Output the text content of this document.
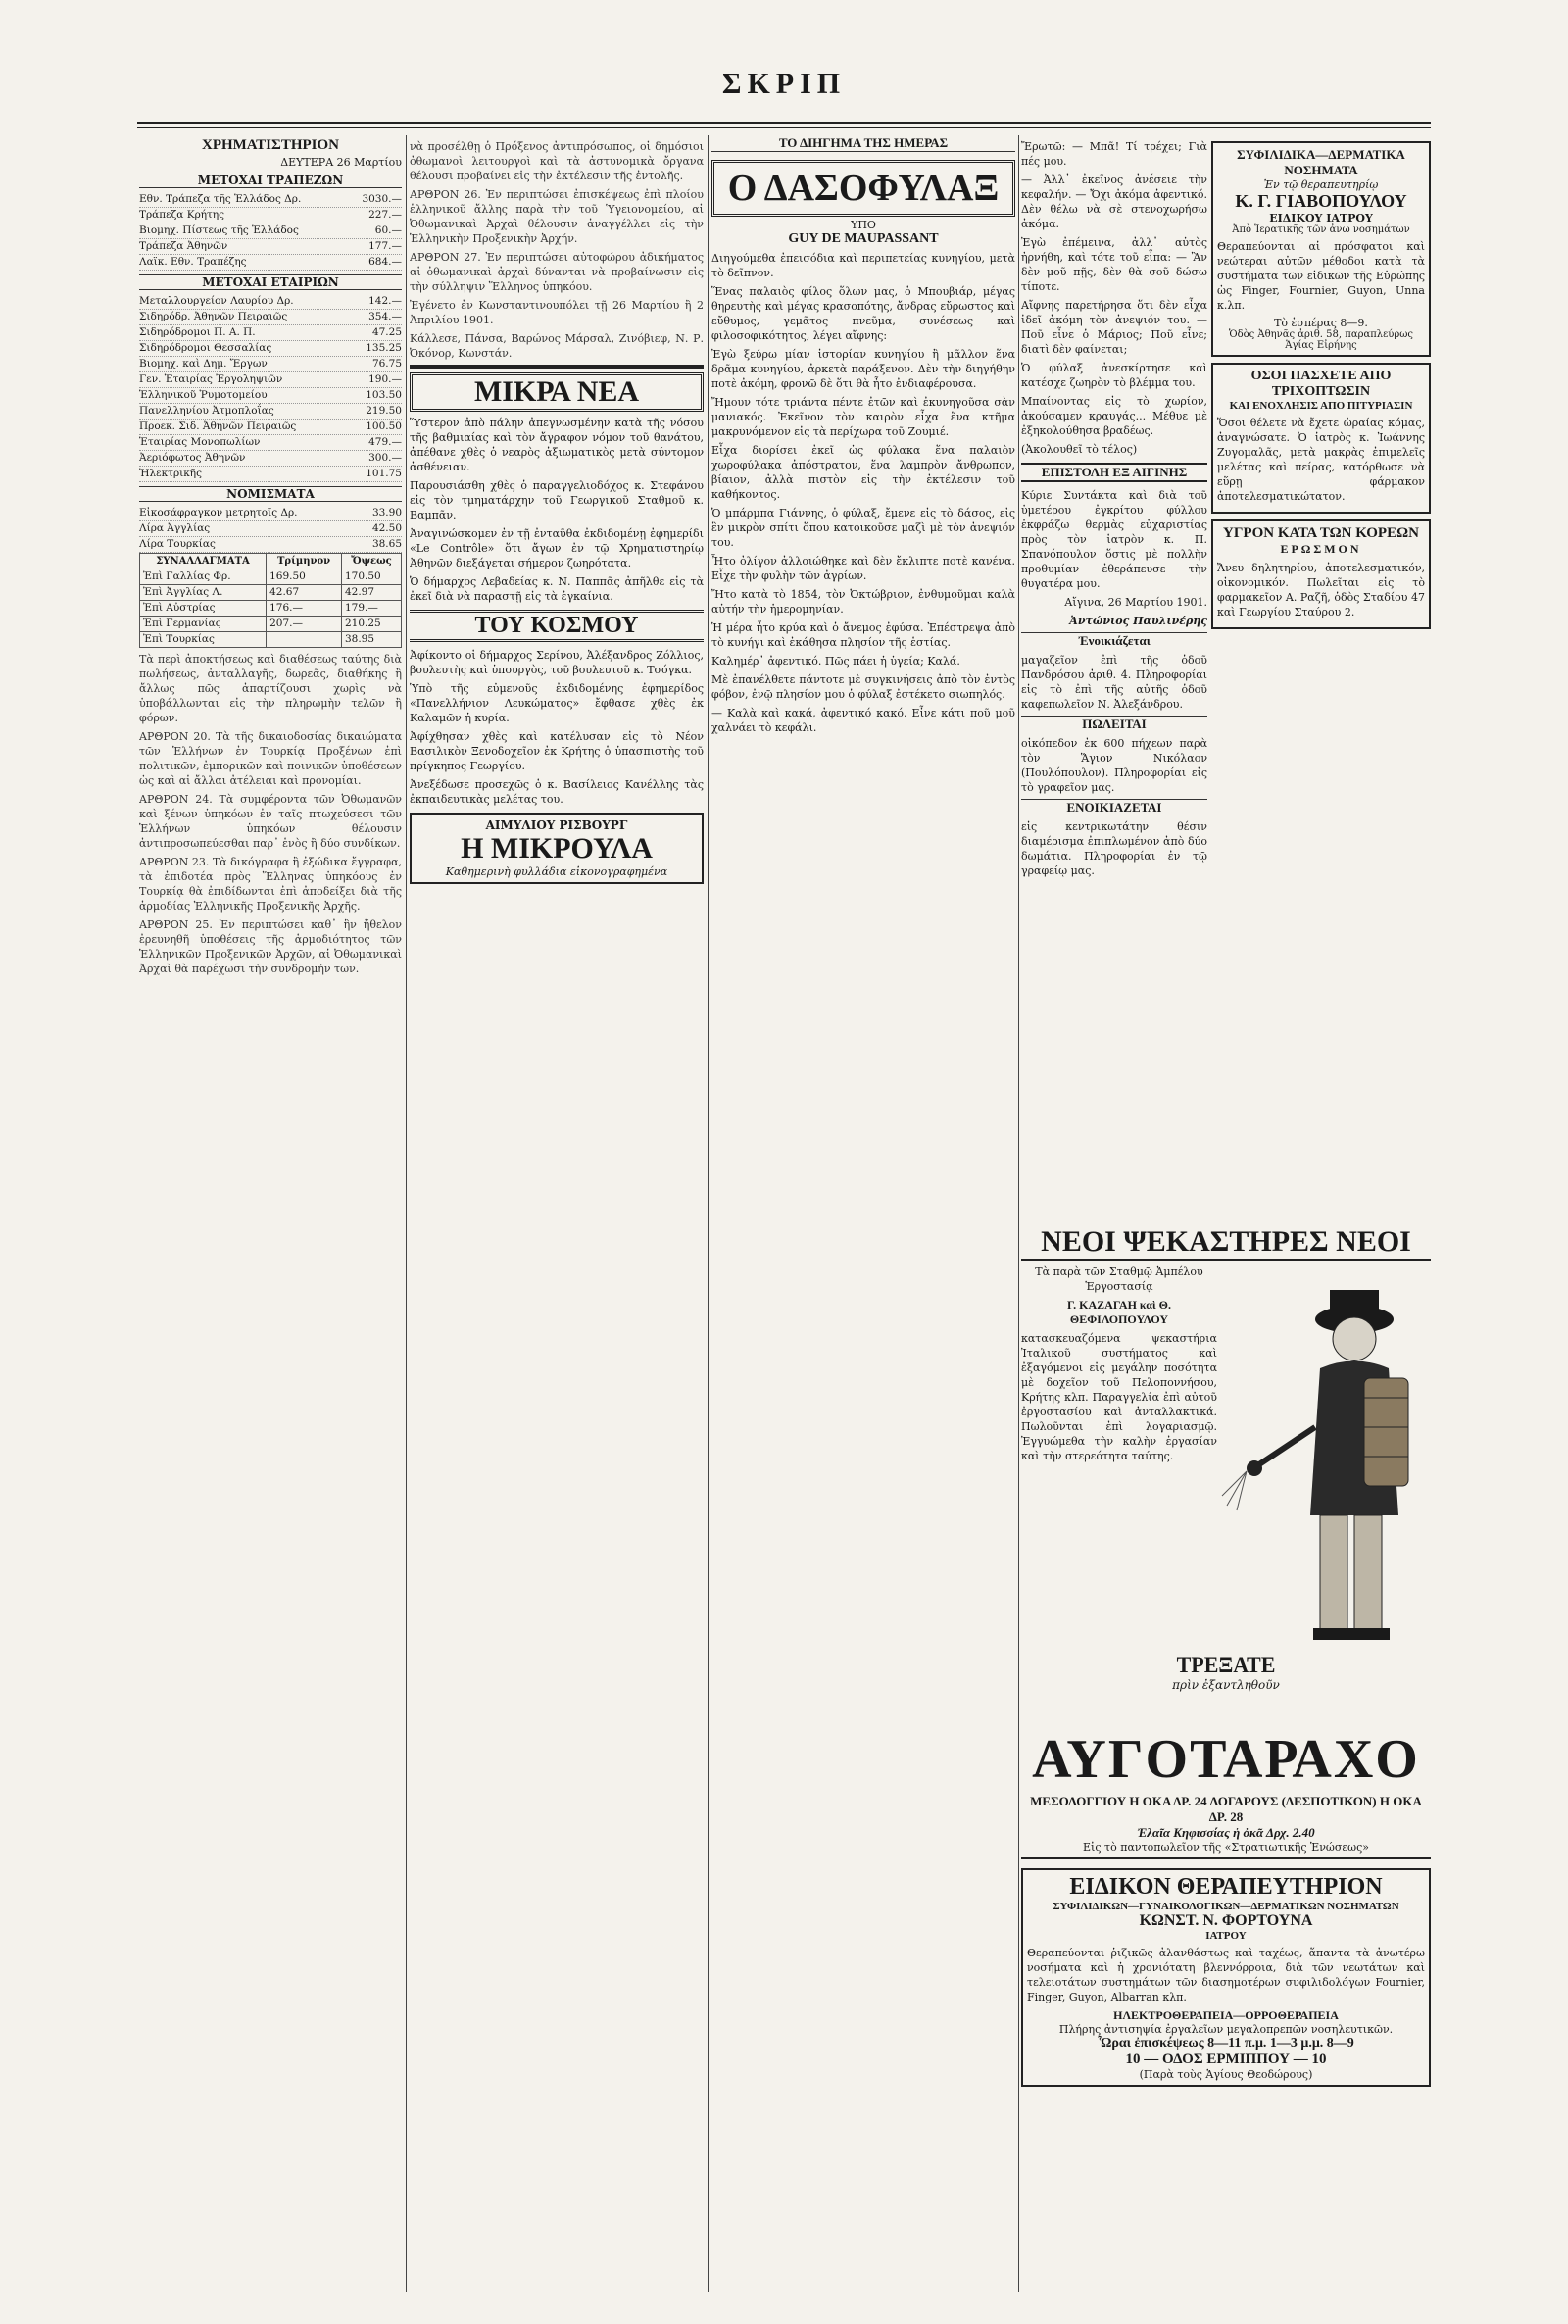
ΣΚΡΙΠ
ΧΡΗΜΑΤΙΣΤΗΡΙΟΝ
ΔΕΥΤΕΡΑ 26 Μαρτίου
ΜΕΤΟΧΑΙ ΤΡΑΠΕΖΩΝ
Εθν. Τράπεζα τῆς Ἑλλάδος Δρ.	3030.—
Τράπεζα Κρήτης	227.—
Βιομηχ. Πίστεως τῆς Ἑλλάδος	60.—
Τράπεζα Ἀθηνῶν	177.—
Λαϊκ. Εθν. Τραπέζης	684.—
ΜΕΤΟΧΑΙ ΕΤΑΙΡΙΩΝ
Μεταλλουργείον Λαυρίου Δρ.	142.—
Σιδηρόδρ. Ἀθηνῶν Πειραιῶς	354.—
Σιδηρόδρομοι Π. Α. Π.	47.25
Σιδηρόδρομοι Θεσσαλίας	135.25
Βιομηχ. καὶ Δημ. Ἔργων	76.75
Γεν. Ἑταιρίας Ἐργοληψιῶν	190.—
Ἑλληνικοῦ Ῥυμοτομείου	103.50
Πανελληνίου Ἀτμοπλοΐας	219.50
Προεκ. Σιδ. Ἀθηνῶν Πειραιῶς	100.50
Ἑταιρίας Μονοπωλίων	479.—
Ἀεριόφωτος Ἀθηνῶν	300.—
Ἠλεκτρικῆς	101.75
ΝΟΜΙΣΜΑΤΑ
Εἰκοσάφραγκον μετρητοῖς Δρ.	33.90
Λίρα Ἀγγλίας	42.50
Λίρα Τουρκίας	38.65
ΣΥΝΑΛΛΑΓΜΑΤΑ	Τρίμηνον	Ὄψεως
Ἐπὶ Γαλλίας Φρ.	169.50	170.50
Ἐπὶ Ἀγγλίας Λ.	42.67	42.97
Ἐπὶ Αὐστρίας	176.—	179.—
Ἐπὶ Γερμανίας	207.—	210.25
Ἐπὶ Τουρκίας		38.95

Τὰ περὶ ἀποκτήσεως καὶ διαθέσεως ταύτης διὰ πωλήσεως, ἀνταλλαγῆς, δωρεᾶς, διαθήκης ἢ ἄλλως πῶς ἀπαρτίζουσι χωρὶς νὰ ὑποβάλλωνται εἰς τὴν πληρωμὴν τελῶν ἢ φόρων.

ΑΡΘΡΟΝ 20. Τὰ τῆς δικαιοδοσίας δικαιώματα τῶν Ἑλλήνων ἐν Τουρκίᾳ Προξένων ἐπὶ πολιτικῶν, ἐμπορικῶν καὶ ποινικῶν ὑποθέσεων ὡς καὶ αἱ ἄλλαι ἀτέλειαι καὶ προνομίαι.

ΑΡΘΡΟΝ 24. Τὰ συμφέροντα τῶν Ὀθωμανῶν καὶ ξένων ὑπηκόων ἐν ταῖς πτωχεύσεσι τῶν Ἑλλήνων ὑπηκόων θέλουσιν ἀντιπροσωπεύεσθαι παρ᾽ ἑνὸς ἢ δύο συνδίκων.

ΑΡΘΡΟΝ 23. Τὰ δικόγραφα ἢ ἐξώδικα ἔγγραφα, τὰ ἐπιδοτέα πρὸς Ἕλληνας ὑπηκόους ἐν Τουρκίᾳ θὰ ἐπιδίδωνται ἐπὶ ἀποδείξει διὰ τῆς ἁρμοδίας Ἑλληνικῆς Προξενικῆς Ἀρχῆς.

ΑΡΘΡΟΝ 25. Ἐν περιπτώσει καθ᾽ ἣν ἤθελον ἐρευνηθῆ ὑποθέσεις τῆς ἁρμοδιότητος τῶν Ἑλληνικῶν Προξενικῶν Ἀρχῶν, αἱ Ὀθωμανικαὶ Ἀρχαὶ θὰ παρέχωσι τὴν συνδρομήν των.

νὰ προσέλθῃ ὁ Πρόξενος ἀντιπρόσωπος, οἱ δημόσιοι ὀθωμανοὶ λειτουργοὶ καὶ τὰ ἀστυνομικὰ ὄργανα θέλουσι προβαίνει εἰς τὴν ἐκτέλεσιν τῆς ἐντολῆς.

ΑΡΘΡΟΝ 26. Ἐν περιπτώσει ἐπισκέψεως ἐπὶ πλοίου ἑλληνικοῦ ἄλλης παρὰ τὴν τοῦ Ὑγειονομείου, αἱ Ὀθωμανικαὶ Ἀρχαὶ θέλουσιν ἀναγγέλλει εἰς τὴν Ἑλληνικὴν Προξενικὴν Ἀρχήν.

ΑΡΘΡΟΝ 27. Ἐν περιπτώσει αὐτοφώρου ἀδικήματος αἱ ὀθωμανικαὶ ἀρχαὶ δύνανται νὰ προβαίνωσιν εἰς τὴν σύλληψιν Ἕλληνος ὑπηκόου.

Ἐγένετο ἐν Κωνσταντινουπόλει τῇ 26 Μαρτίου ἢ 2 Ἀπριλίου 1901.

Κάλλεσε, Πάνσα, Βαρώνος Μάρσαλ, Ζινόβιεφ, Ν. Ρ. Ὀκόνορ, Κωνστάν.

ΜΙΚΡΑ ΝΕΑ

Ὕστερον ἀπὸ πάλην ἀπεγνωσμένην κατὰ τῆς νόσου τῆς βαθμιαίας καὶ τὸν ἄγραφον νόμον τοῦ θανάτου, ἀπέθανε χθὲς ὁ νεαρὸς ἀξιωματικὸς μετὰ σύντομον ἀσθένειαν.

Παρουσιάσθη χθὲς ὁ παραγγελιοδόχος κ. Στεφάνου εἰς τὸν τμηματάρχην τοῦ Γεωργικοῦ Σταθμοῦ κ. Βαμπᾶν.

Ἀναγινώσκομεν ἐν τῇ ἐνταῦθα ἐκδιδομένῃ ἐφημερίδι «Le Contrôle» ὅτι ἄγων ἐν τῷ Χρηματιστηρίῳ Ἀθηνῶν διεξάγεται σήμερον ζωηρότατα.

Ὁ δήμαρχος Λεβαδείας κ. Ν. Παππᾶς ἀπῆλθε εἰς τὰ ἐκεῖ διὰ νὰ παραστῇ εἰς τὰ ἐγκαίνια.

ΤΟΥ ΚΟΣΜΟΥ

Ἀφίκοντο οἱ δήμαρχος Σερίνου, Ἀλέξανδρος Ζόλλιος, βουλευτὴς καὶ ὑπουργὸς, τοῦ βουλευτοῦ κ. Τσόγκα.

Ὑπὸ τῆς εὐμενοῦς ἐκδιδομένης ἐφημερίδος «Πανελλήνιον Λευκώματος» ἔφθασε χθὲς ἐκ Καλαμῶν ἡ κυρία.

Ἀφίχθησαν χθὲς καὶ κατέλυσαν εἰς τὸ Νέον Βασιλικὸν Ξενοδοχεῖον ἐκ Κρήτης ὁ ὑπασπιστὴς τοῦ πρίγκηπος Γεωργίου.

Ἀνεξέδωσε προσεχῶς ὁ κ. Βασίλειος Κανέλλης τὰς ἐκπαιδευτικὰς μελέτας του.

ΑΙΜΥΛΙΟΥ ΡΙΣΒΟΥΡΓ
Η ΜΙΚΡΟΥΛΑ
Καθημερινὴ φυλλάδια εἰκονογραφημένα
ΤΟ ΔΙΗΓΗΜΑ ΤΗΣ ΗΜΕΡΑΣ
Ο ΔΑΣΟΦΥΛΑΞ
ΥΠΟ
GUY DE MAUPASSANT

Διηγούμεθα ἐπεισόδια καὶ περιπετείας κυνηγίου, μετὰ τὸ δεῖπνον.

Ἕνας παλαιὸς φίλος ὅλων μας, ὁ Μπουβιάρ, μέγας θηρευτὴς καὶ μέγας κρασοπότης, ἄνδρας εὔρωστος καὶ εὔθυμος, γεμᾶτος πνεῦμα, συνέσεως καὶ φιλοσοφικότητος, λέγει αἴφνης:

Ἐγὼ ξεύρω μίαν ἱστορίαν κυνηγίου ἢ μᾶλλον ἕνα δρᾶμα κυνηγίου, ἀρκετὰ παράξενον. Δὲν τὴν διηγήθην ποτὲ ἀκόμη, φρονῶ δὲ ὅτι θὰ ἦτο ἐνδιαφέρουσα.

Ἤμουν τότε τριάντα πέντε ἐτῶν καὶ ἐκυνηγοῦσα σὰν μανιακός. Ἐκεῖνον τὸν καιρὸν εἶχα ἕνα κτῆμα μακρυνόμενον εἰς τὰ περίχωρα τοῦ Ζουμιέ.

Εἶχα διορίσει ἐκεῖ ὡς φύλακα ἕνα παλαιὸν χωροφύλακα ἀπόστρατον, ἕνα λαμπρὸν ἄνθρωπον, βίαιον, ἀλλὰ πιστὸν εἰς τὴν ἐκτέλεσιν τοῦ καθήκοντος.

Ὁ μπάρμπα Γιάννης, ὁ φύλαξ, ἔμενε εἰς τὸ δάσος, εἰς ἓν μικρὸν σπίτι ὅπου κατοικοῦσε μαζὶ μὲ τὸν ἀνεψιόν του.

Ἦτο ὀλίγον ἀλλοιώθηκε καὶ δὲν ἔκλιπτε ποτὲ κανένα. Εἶχε τὴν φυλὴν τῶν ἀγρίων.

Ἤτο κατὰ τὸ 1854, τὸν Ὀκτώβριον, ἐνθυμοῦμαι καλὰ αὐτήν τὴν ἡμερομηνίαν.

Ἡ μέρα ἦτο κρύα καὶ ὁ ἄνεμος ἐφύσα. Ἐπέστρεψα ἀπὸ τὸ κυνήγι καὶ ἐκάθησα πλησίον τῆς ἑστίας.

Καλημέρ᾽ ἀφεντικό. Πῶς πάει ἡ ὑγεία; Καλά.

Μὲ ἐπανέλθετε πάντοτε μὲ συγκινήσεις ἀπὸ τὸν ἐντὸς φόβον, ἐνῷ πλησίον μου ὁ φύλαξ ἐστέκετο σιωπηλός.

— Καλὰ καὶ κακά, ἀφεντικό κακό. Εἶνε κάτι ποῦ μοῦ χαλνάει τὸ κεφάλι.

Ἔρωτῶ: — Μπᾶ! Τί τρέχει; Γιὰ πές μου.

— Ἀλλ᾽ ἐκεῖνος ἀνέσειε τὴν κεφαλήν. — Ὄχι ἀκόμα ἀφεντικό. Δὲν θέλω νὰ σὲ στενοχωρήσω ἀκόμα.

Ἐγὼ ἐπέμεινα, ἀλλ᾽ αὐτὸς ἠρνήθη, καὶ τότε τοῦ εἶπα: — Ἂν δὲν μοῦ πῇς, δὲν θὰ σοῦ δώσω τίποτε.

Αἴφνης παρετήρησα ὅτι δὲν εἶχα ἰδεῖ ἀκόμη τὸν ἀνεψιόν του. — Ποῦ εἶνε ὁ Μάριος; Ποῦ εἶνε; διατὶ δὲν φαίνεται;

Ὁ φύλαξ ἀνεσκίρτησε καὶ κατέσχε ζωηρὸν τὸ βλέμμα του.

Μπαίνοντας εἰς τὸ χωρίον, ἀκούσαμεν κραυγάς... Μέθυε μὲ ἐξηκολούθησα βραδέως.

(Ἀκολουθεῖ τὸ τέλος)

ΕΠΙΣΤΟΛΗ ΕΞ ΑΙΓΙΝΗΣ
Κύριε Συντάκτα καὶ διὰ τοῦ ὑμετέρου ἐγκρίτου φύλλου ἐκφράζω θερμὰς εὐχαριστίας πρὸς τὸν ἱατρὸν κ. Π. Σπανόπουλον ὅστις μὲ πολλὴν προθυμίαν ἐθεράπευσε τὴν θυγατέρα μου.
Αἴγινα, 26 Μαρτίου 1901.
Ἀντώνιος Παυλινέρης
Ἐνοικιάζεται
μαγαζεῖον ἐπὶ τῆς ὁδοῦ Πανδρόσου ἀριθ. 4. Πληροφορίαι εἰς τὸ ἐπὶ τῆς αὐτῆς ὁδοῦ καφεπωλεῖον Ν. Ἀλεξάνδρου.
ΠΩΛΕΙΤΑΙ
οἰκόπεδον ἐκ 600 πήχεων παρὰ τὸν Ἅγιον Νικόλαον (Πουλόπουλον). Πληροφορίαι εἰς τὸ γραφεῖον μας.
ΕΝΟΙΚΙΑΖΕΤΑΙ
εἰς κεντρικωτάτην θέσιν διαμέρισμα ἐπιπλωμένον ἀπὸ δύο δωμάτια. Πληροφορίαι ἐν τῷ γραφείῳ μας.
ΣΥΦΙΛΙΔΙΚΑ—ΔΕΡΜΑΤΙΚΑ ΝΟΣΗΜΑΤΑ
Ἐν τῷ θεραπευτηρίῳ
Κ. Γ. ΓΙΑΒΟΠΟΥΛΟΥ
ΕΙΔΙΚΟΥ ΙΑΤΡΟΥ
Ἀπὸ Ἱερατικῆς τῶν ἀνω νοσημάτων
Θεραπεύονται αἱ πρόσφατοι καὶ νεώτεραι αὐτῶν μέθοδοι κατὰ τὰ συστήματα τῶν εἰδικῶν τῆς Εὐρώπης ὡς Finger, Fournier, Guyon, Unna κ.λπ.
Τὸ ἑσπέρας 8—9.
Ὁδὸς Ἀθηνᾶς ἀριθ. 58, παραπλεύρως Ἁγίας Εἰρήνης
ΟΣΟΙ ΠΑΣΧΕΤΕ ΑΠΟ ΤΡΙΧΟΠΤΩΣΙΝ
ΚΑΙ ΕΝΟΧΛΗΣΙΣ ΑΠΟ ΠΙΤΥΡΙΑΣΙΝ
Ὅσοι θέλετε νὰ ἔχετε ὡραίας κόμας, ἀναγνώσατε. Ὁ ἰατρὸς κ. Ἰωάννης Ζυγομαλᾶς, μετὰ μακρὰς ἐπιμελεῖς μελέτας καὶ πείρας, κατόρθωσε νὰ εὕρῃ φάρμακον ἀποτελεσματικώτατον.
ΥΓΡΟΝ ΚΑΤΑ ΤΩΝ ΚΟΡΕΩΝ
ΕΡΩΣΜΟΝ
Ἄνευ δηλητηρίου, ἀποτελεσματικόν, οἰκονομικόν. Πωλεῖται εἰς τὸ φαρμακεῖον Α. Ραζῆ, ὁδὸς Σταδίου 47 καὶ Γεωργίου Σταύρου 2.
ΝΕΟΙ ΨΕΚΑΣΤΗΡΕΣ ΝΕΟΙ
Τὰ παρὰ τῶν Σταθμῷ Ἀμπέλου Ἑργοστασίᾳ
Γ. ΚΑΖΑΓΑΗ καὶ Θ. ΘΕΦΙΛΟΠΟΥΛΟΥ
κατασκευαζόμενα ψεκαστήρια Ἰταλικοῦ συστήματος καὶ ἐξαγόμενοι εἰς μεγάλην ποσότητα μὲ δοχεῖον τοῦ Πελοποννήσου, Κρήτης κλπ. Παραγγελία ἐπὶ αὐτοῦ ἐργοστασίου καὶ ἀνταλλακτικά. Πωλοῦνται ἐπὶ λογαριασμῷ. Ἐγγυώμεθα τὴν καλὴν ἐργασίαν καὶ τὴν στερεότητα ταύτης.
ΤΡΕΞΑΤΕ
πρὶν ἐξαντληθοῦν
ΑΥΓΟΤΑΡΑΧΟ
ΜΕΣΟΛΟΓΓΙΟΥ Η ΟΚΑ ΔΡ. 24 ΛΟΓΑΡΟΥΣ (ΔΕΣΠΟΤΙΚΟΝ) Η ΟΚΑ ΔΡ. 28
Ἐλαῖα Κηφισσίας ἡ ὀκᾶ Δρχ. 2.40
Εἰς τὸ παντοπωλεῖον τῆς «Στρατιωτικῆς Ἑνώσεως»
ΕΙΔΙΚΟΝ ΘΕΡΑΠΕΥΤΗΡΙΟΝ
ΣΥΦΙΛΙΔΙΚΩΝ—ΓΥΝΑΙΚΟΛΟΓΙΚΩΝ—ΔΕΡΜΑΤΙΚΩΝ ΝΟΣΗΜΑΤΩΝ
ΚΩΝΣΤ. Ν. ΦΟΡΤΟΥΝΑ
ΙΑΤΡΟΥ
Θεραπεύονται ῥιζικῶς ἀλανθάστως καὶ ταχέως, ἅπαντα τὰ ἀνωτέρω νοσήματα καὶ ἡ χρονιότατη βλεννόρροια, διὰ τῶν νεωτάτων καὶ τελειοτάτων συστημάτων τῶν διασημοτέρων συφιλιδολόγων Fournier, Finger, Guyon, Albarran κλπ.
ΗΛΕΚΤΡΟΘΕΡΑΠΕΙΑ—ΟΡΡΟΘΕΡΑΠΕΙΑ
Πλήρης ἀντισηψία ἐργαλεῖων μεγαλοπρεπῶν νοσηλευτικῶν.
Ὧραι ἐπισκέψεως 8—11 π.μ. 1—3 μ.μ. 8—9
10 — ΟΔΟΣ ΕΡΜΙΠΠΟΥ — 10
(Παρὰ τοὺς Ἁγίους Θεοδώρους)
